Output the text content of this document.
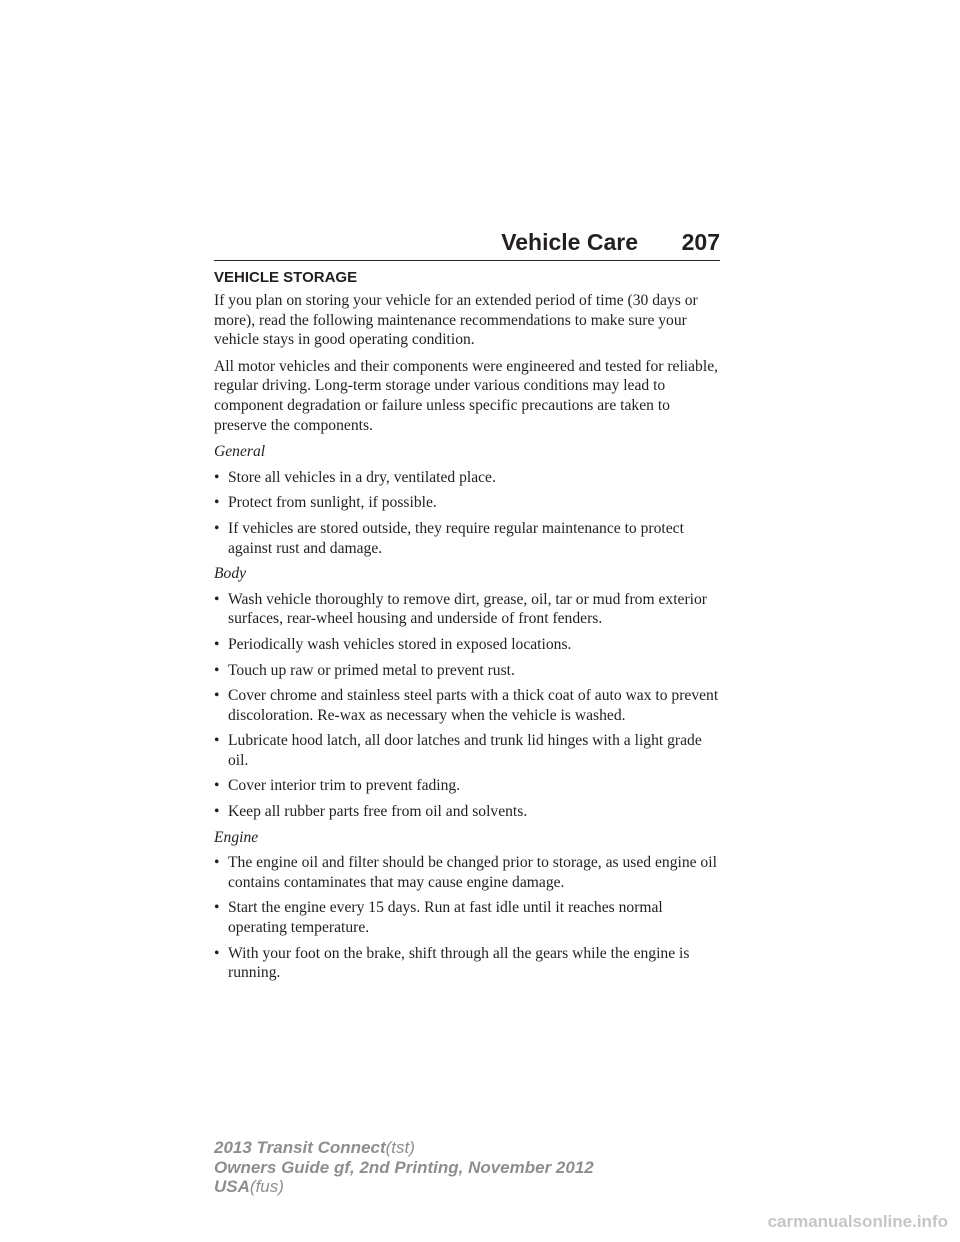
Vehicle Care 207
VEHICLE STORAGE

If you plan on storing your vehicle for an extended period of time (30 days or more), read the following maintenance recommendations to make sure your vehicle stays in good operating condition.

All motor vehicles and their components were engineered and tested for reliable, regular driving. Long-term storage under various conditions may lead to component degradation or failure unless specific precautions are taken to preserve the components.

General

• Store all vehicles in a dry, ventilated place.
• Protect from sunlight, if possible.
• If vehicles are stored outside, they require regular maintenance to protect against rust and damage.

Body

• Wash vehicle thoroughly to remove dirt, grease, oil, tar or mud from exterior surfaces, rear-wheel housing and underside of front fenders.
• Periodically wash vehicles stored in exposed locations.
• Touch up raw or primed metal to prevent rust.
• Cover chrome and stainless steel parts with a thick coat of auto wax to prevent discoloration. Re-wax as necessary when the vehicle is washed.
• Lubricate hood latch, all door latches and trunk lid hinges with a light grade oil.
• Cover interior trim to prevent fading.
• Keep all rubber parts free from oil and solvents.

Engine

• The engine oil and filter should be changed prior to storage, as used engine oil contains contaminates that may cause engine damage.
• Start the engine every 15 days. Run at fast idle until it reaches normal operating temperature.
• With your foot on the brake, shift through all the gears while the engine is running.
2013 Transit Connect(tst)
Owners Guide gf, 2nd Printing, November 2012
USA(fus)
carmanualsonline.info
